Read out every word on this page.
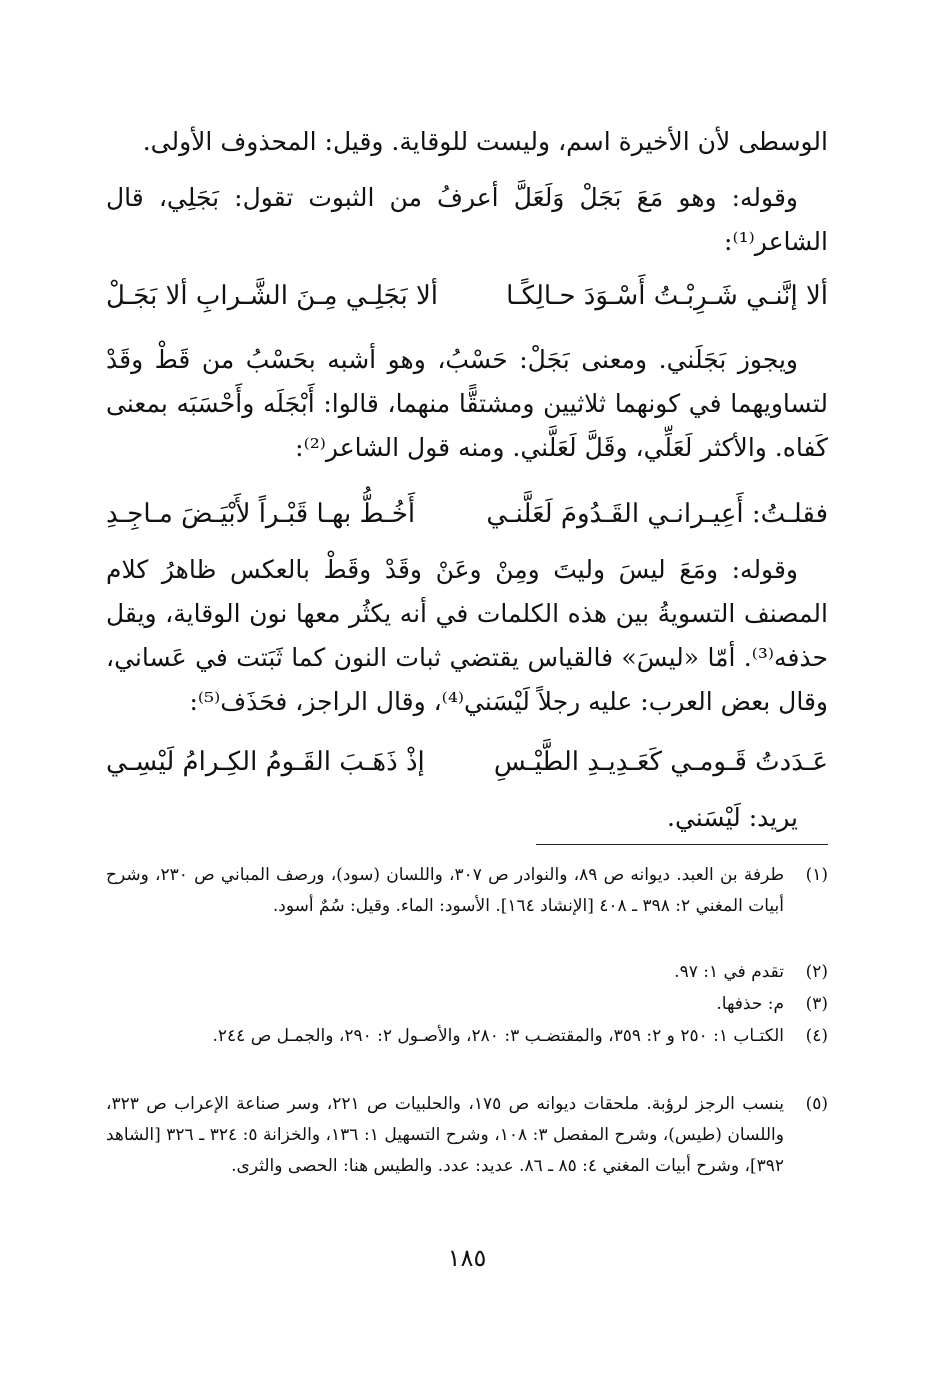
الوسطى لأن الأخيرة اسم، وليست للوقاية. وقيل: المحذوف الأولى.
وقوله: وهو مَعَ بَجَلْ وَلَعَلَّ أعرفُ من الثبوت تقول: بَجَلِي، قال الشاعر⁽¹⁾:
ألا إنَّنـي شَـرِبْـتُ أَسْـوَدَ حـالِكًـا
ألا بَجَلِـي مِـنَ الشَّـرابِ ألا بَجَـلْ
ويجوز بَجَلَني. ومعنى بَجَلْ: حَسْبُ، وهو أشبه بحَسْبُ من قَطْ وقَدْ لتساويهما في كونهما ثلاثيين ومشتقًّا منهما، قالوا: أَبْجَلَه وأَحْسَبَه بمعنى كَفاه. والأكثر لَعَلِّي، وقَلَّ لَعَلَّني. ومنه قول الشاعر⁽²⁾:
فقلـتُ: أَعِيـرانـي القَـدُومَ لَعَلَّنـي
أَخُـطُّ بهـا قَبْـراً لأَبْيَـضَ مـاجِـدِ
وقوله: ومَعَ ليسَ وليتَ ومِنْ وعَنْ وقَدْ وقَطْ بالعكس ظاهرُ كلام المصنف التسويةُ بين هذه الكلمات في أنه يكثُر معها نون الوقاية، ويقل حذفه⁽³⁾. أمّا «ليسَ» فالقياس يقتضي ثبات النون كما ثَبَتت في عَساني، وقال بعض العرب: عليه رجلاً لَيْسَني⁽⁴⁾، وقال الراجز، فحَذَف⁽⁵⁾:
عَـدَدتُ قَـومـي كَعَـدِيـدِ الطَّيْـسِ
إذْ ذَهَـبَ القَـومُ الكِـرامُ لَيْسِـي
يريد: لَيْسَني.
(١)
طرفة بن العبد. ديوانه ص ٨٩، والنوادر ص ٣٠٧، واللسان (سود)، ورصف المباني ص ٢٣٠، وشرح أبيات المغني ٢: ٣٩٨ ـ ٤٠٨ [الإنشاد ١٦٤]. الأسود: الماء. وقيل: سُمٌ أسود.
(٢)
تقدم في ١: ٩٧.
(٣)
م: حذفها.
(٤)
الكتـاب ١: ٢٥٠ و ٢: ٣٥٩، والمقتضـب ٣: ٢٨٠، والأصـول ٢: ٢٩٠، والجمـل ص ٢٤٤.
(٥)
ينسب الرجز لرؤبة. ملحقات ديوانه ص ١٧٥، والحلبيات ص ٢٢١، وسر صناعة الإعراب ص ٣٢٣، واللسان (طيس)، وشرح المفصل ٣: ١٠٨، وشرح التسهيل ١: ١٣٦، والخزانة ٥: ٣٢٤ ـ ٣٢٦ [الشاهد ٣٩٢]، وشرح أبيات المغني ٤: ٨٥ ـ ٨٦. عديد: عدد. والطيس هنا: الحصى والثرى.
١٨٥
